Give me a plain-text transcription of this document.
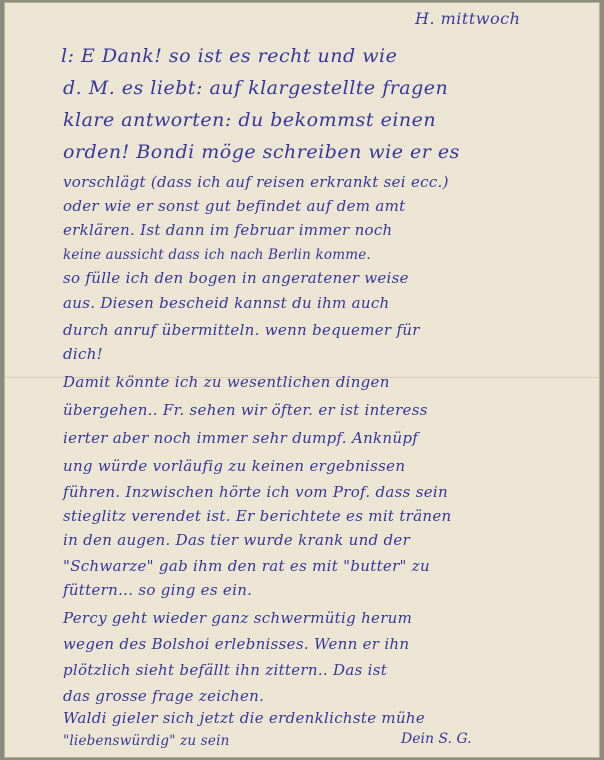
H. mittwoch
l: E Dank! so ist es recht und wie
d. M. es liebt: auf klargestellte fragen
klare antworten: du bekommst einen
orden! Bondi möge schreiben wie er es
vorschlägt (dass ich auf reisen erkrankt sei ecc.)
oder wie er sonst gut befindet auf dem amt
erklären. Ist dann im februar immer noch
keine aussicht dass ich nach Berlin komme.
so fülle ich den bogen in angeratener weise
aus. Diesen bescheid kannst du ihm auch
durch anruf übermitteln. wenn bequemer für
dich!
Damit könnte ich zu wesentlichen dingen
übergehen.. Fr. sehen wir öfter. er ist interess
ierter aber noch immer sehr dumpf. Anknüpf
ung würde vorläufig zu keinen ergebnissen
führen. Inzwischen hörte ich vom Prof. dass sein
stieglitz verendet ist. Er berichtete es mit tränen
in den augen. Das tier wurde krank und der
"Schwarze" gab ihm den rat es mit "butter" zu
füttern... so ging es ein.
Percy geht wieder ganz schwermütig herum
wegen des Bolshoi erlebnisses. Wenn er ihn
plötzlich sieht befällt ihn zittern.. Das ist
das grosse frage zeichen.
Waldi gieler sich jetzt die erdenklichste mühe
"liebenswürdig" zu sein	Dein S. G.
